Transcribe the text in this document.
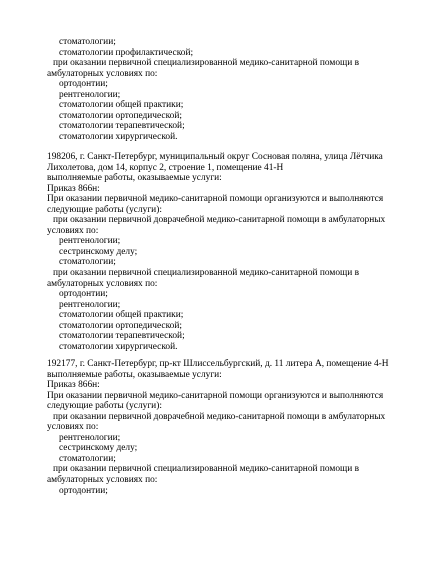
стоматологии;
стоматологии профилактической;
при оказании первичной специализированной медико-санитарной помощи в амбулаторных условиях по:
ортодонтии;
рентгенологии;
стоматологии общей практики;
стоматологии ортопедической;
стоматологии терапевтической;
стоматологии хирургической.
198206, г. Санкт-Петербург, муниципальный округ Сосновая поляна, улица Лётчика Лихолетова, дом 14, корпус 2, строение 1, помещение 41-Н
выполняемые работы, оказываемые услуги:
Приказ 866н:
При оказании первичной медико-санитарной помощи организуются и выполняются следующие работы (услуги):
при оказании первичной доврачебной медико-санитарной помощи в амбулаторных условиях по:
рентгенологии;
сестринскому делу;
стоматологии;
при оказании первичной специализированной медико-санитарной помощи в амбулаторных условиях по:
ортодонтии;
рентгенологии;
стоматологии общей практики;
стоматологии ортопедической;
стоматологии терапевтической;
стоматологии хирургической.
192177, г. Санкт-Петербург, пр-кт Шлиссельбургский, д. 11 литера А, помещение 4-Н
выполняемые работы, оказываемые услуги:
Приказ 866н:
При оказании первичной медико-санитарной помощи организуются и выполняются следующие работы (услуги):
при оказании первичной доврачебной медико-санитарной помощи в амбулаторных условиях по:
рентгенологии;
сестринскому делу;
стоматологии;
при оказании первичной специализированной медико-санитарной помощи в амбулаторных условиях по:
ортодонтии;
